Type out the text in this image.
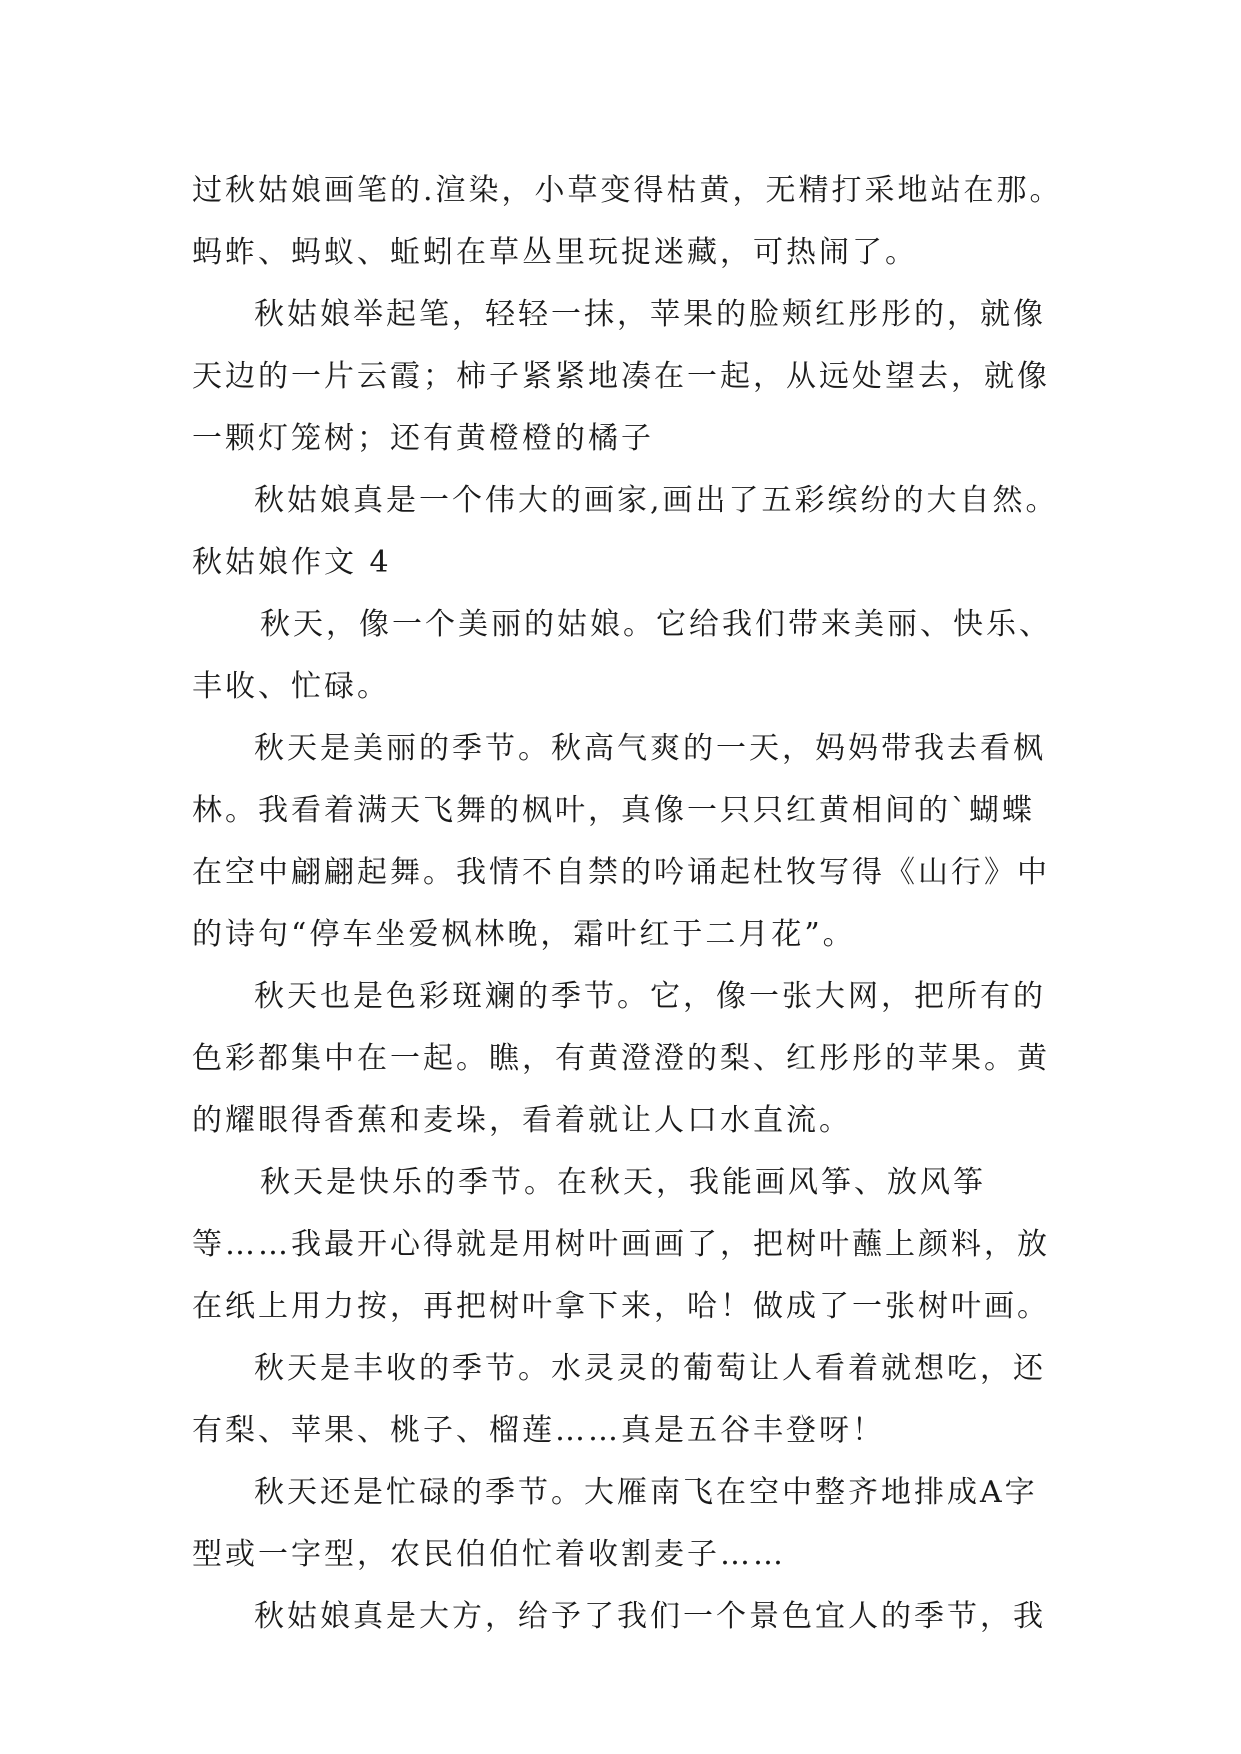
过秋姑娘画笔的.渲染，小草变得枯黄，无精打采地站在那。
蚂蚱、蚂蚁、蚯蚓在草丛里玩捉迷藏，可热闹了。
秋姑娘举起笔，轻轻一抹，苹果的脸颊红彤彤的，就像
天边的一片云霞；柿子紧紧地凑在一起，从远处望去，就像
一颗灯笼树；还有黄橙橙的橘子
秋姑娘真是一个伟大的画家,画出了五彩缤纷的大自然。
秋姑娘作文 4
秋天，像一个美丽的姑娘。它给我们带来美丽、快乐、
丰收、忙碌。
秋天是美丽的季节。秋高气爽的一天，妈妈带我去看枫
林。我看着满天飞舞的枫叶，真像一只只红黄相间的`蝴蝶
在空中翩翩起舞。我情不自禁的吟诵起杜牧写得《山行》中
的诗句“停车坐爱枫林晚，霜叶红于二月花”。
秋天也是色彩斑斓的季节。它，像一张大网，把所有的
色彩都集中在一起。瞧，有黄澄澄的梨、红彤彤的苹果。黄
的耀眼得香蕉和麦垛，看着就让人口水直流。
秋天是快乐的季节。在秋天，我能画风筝、放风筝
等……我最开心得就是用树叶画画了，把树叶蘸上颜料，放
在纸上用力按，再把树叶拿下来，哈！做成了一张树叶画。
秋天是丰收的季节。水灵灵的葡萄让人看着就想吃，还
有梨、苹果、桃子、榴莲……真是五谷丰登呀！
秋天还是忙碌的季节。大雁南飞在空中整齐地排成A字
型或一字型，农民伯伯忙着收割麦子……
秋姑娘真是大方，给予了我们一个景色宜人的季节，我
